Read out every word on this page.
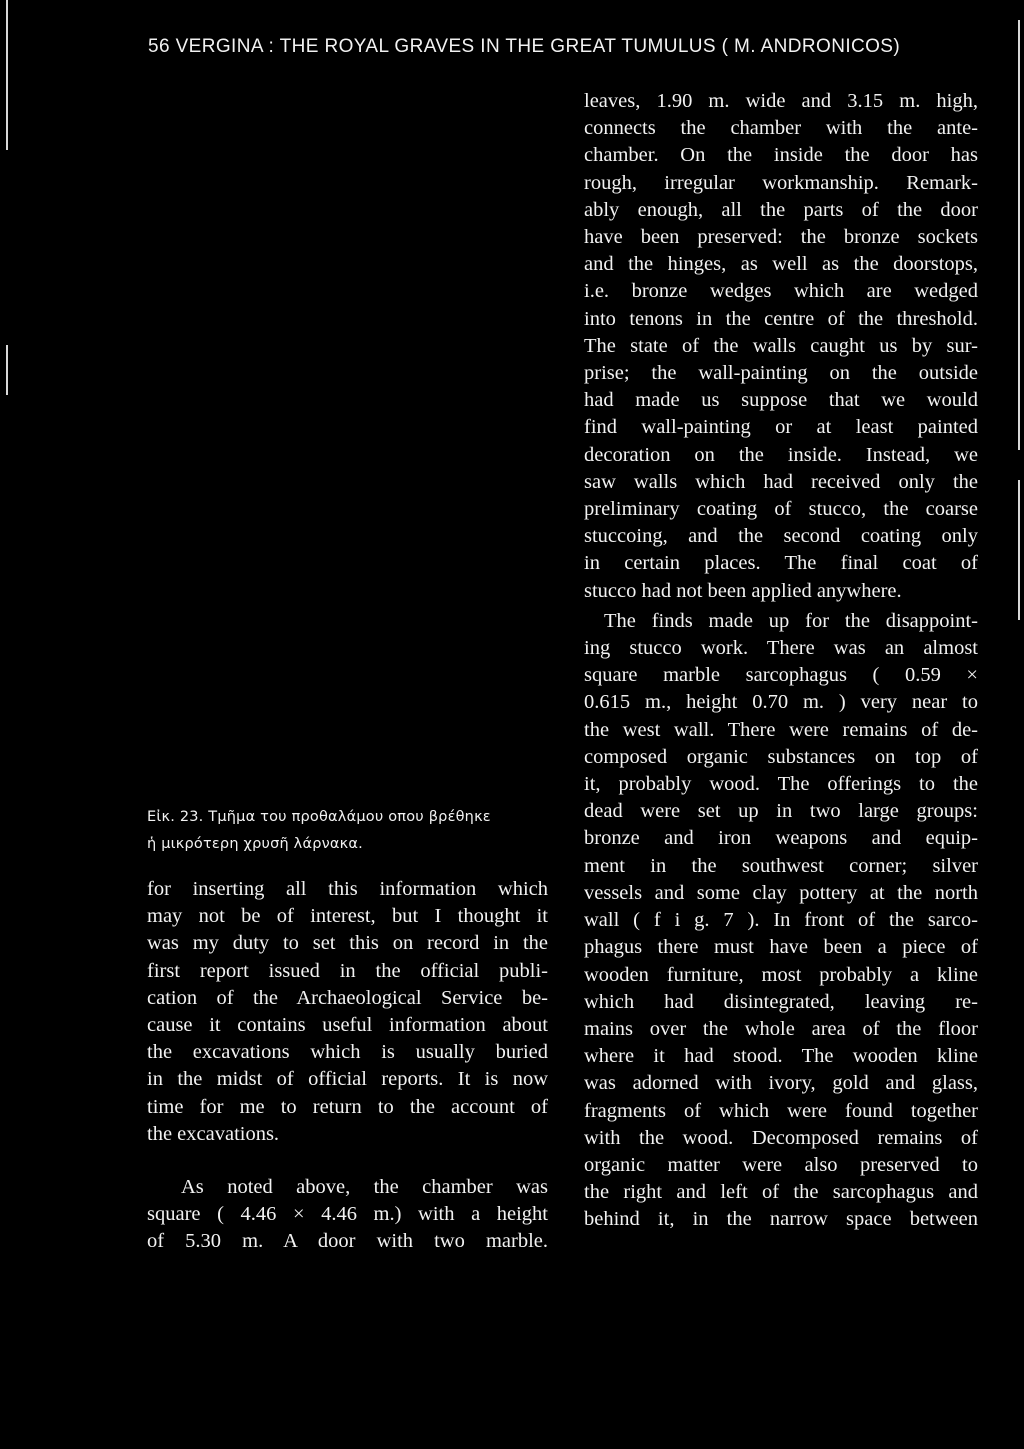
56 VERGINA : THE ROYAL GRAVES IN THE GREAT TUMULUS ( M. ANDRONICOS)
Εἰκ. 23. Τμῆμα του προθαλάμου οπου βρέθηκε
ἡ μικρότερη χρυσῆ λάρνακα.
for inserting all this information which
may not be of interest, but I thought it
was my duty to set this on record in the
first report issued in the official publi-
cation of the Archaeological Service be-
cause it contains useful information about
the excavations which is usually buried
in the midst of official reports. It is now
time for me to return to the account of
the excavations.
As noted above, the chamber was
square ( 4.46 × 4.46 m.) with a height
of 5.30 m. A door with two marble.
leaves, 1.90 m. wide and 3.15 m. high,
connects the chamber with the ante-
chamber. On the inside the door has
rough, irregular workmanship. Remark-
ably enough, all the parts of the door
have been preserved: the bronze sockets
and the hinges, as well as the doorstops,
i.e. bronze wedges which are wedged
into tenons in the centre of the threshold.
The state of the walls caught us by sur-
prise; the wall-painting on the outside
had made us suppose that we would
find wall-painting or at least painted
decoration on the inside. Instead, we
saw walls which had received only the
preliminary coating of stucco, the coarse
stuccoing, and the second coating only
in certain places. The final coat of
stucco had not been applied anywhere.
The finds made up for the disappoint-
ing stucco work. There was an almost
square marble sarcophagus ( 0.59 ×
0.615 m., height 0.70 m. ) very near to
the west wall. There were remains of de-
composed organic substances on top of
it, probably wood. The offerings to the
dead were set up in two large groups:
bronze and iron weapons and equip-
ment in the southwest corner; silver
vessels and some clay pottery at the north
wall ( f i g. 7 ). In front of the sarco-
phagus there must have been a piece of
wooden furniture, most probably a kline
which had disintegrated, leaving re-
mains over the whole area of the floor
where it had stood. The wooden kline
was adorned with ivory, gold and glass,
fragments of which were found together
with the wood. Decomposed remains of
organic matter were also preserved to
the right and left of the sarcophagus and
behind it, in the narrow space between
